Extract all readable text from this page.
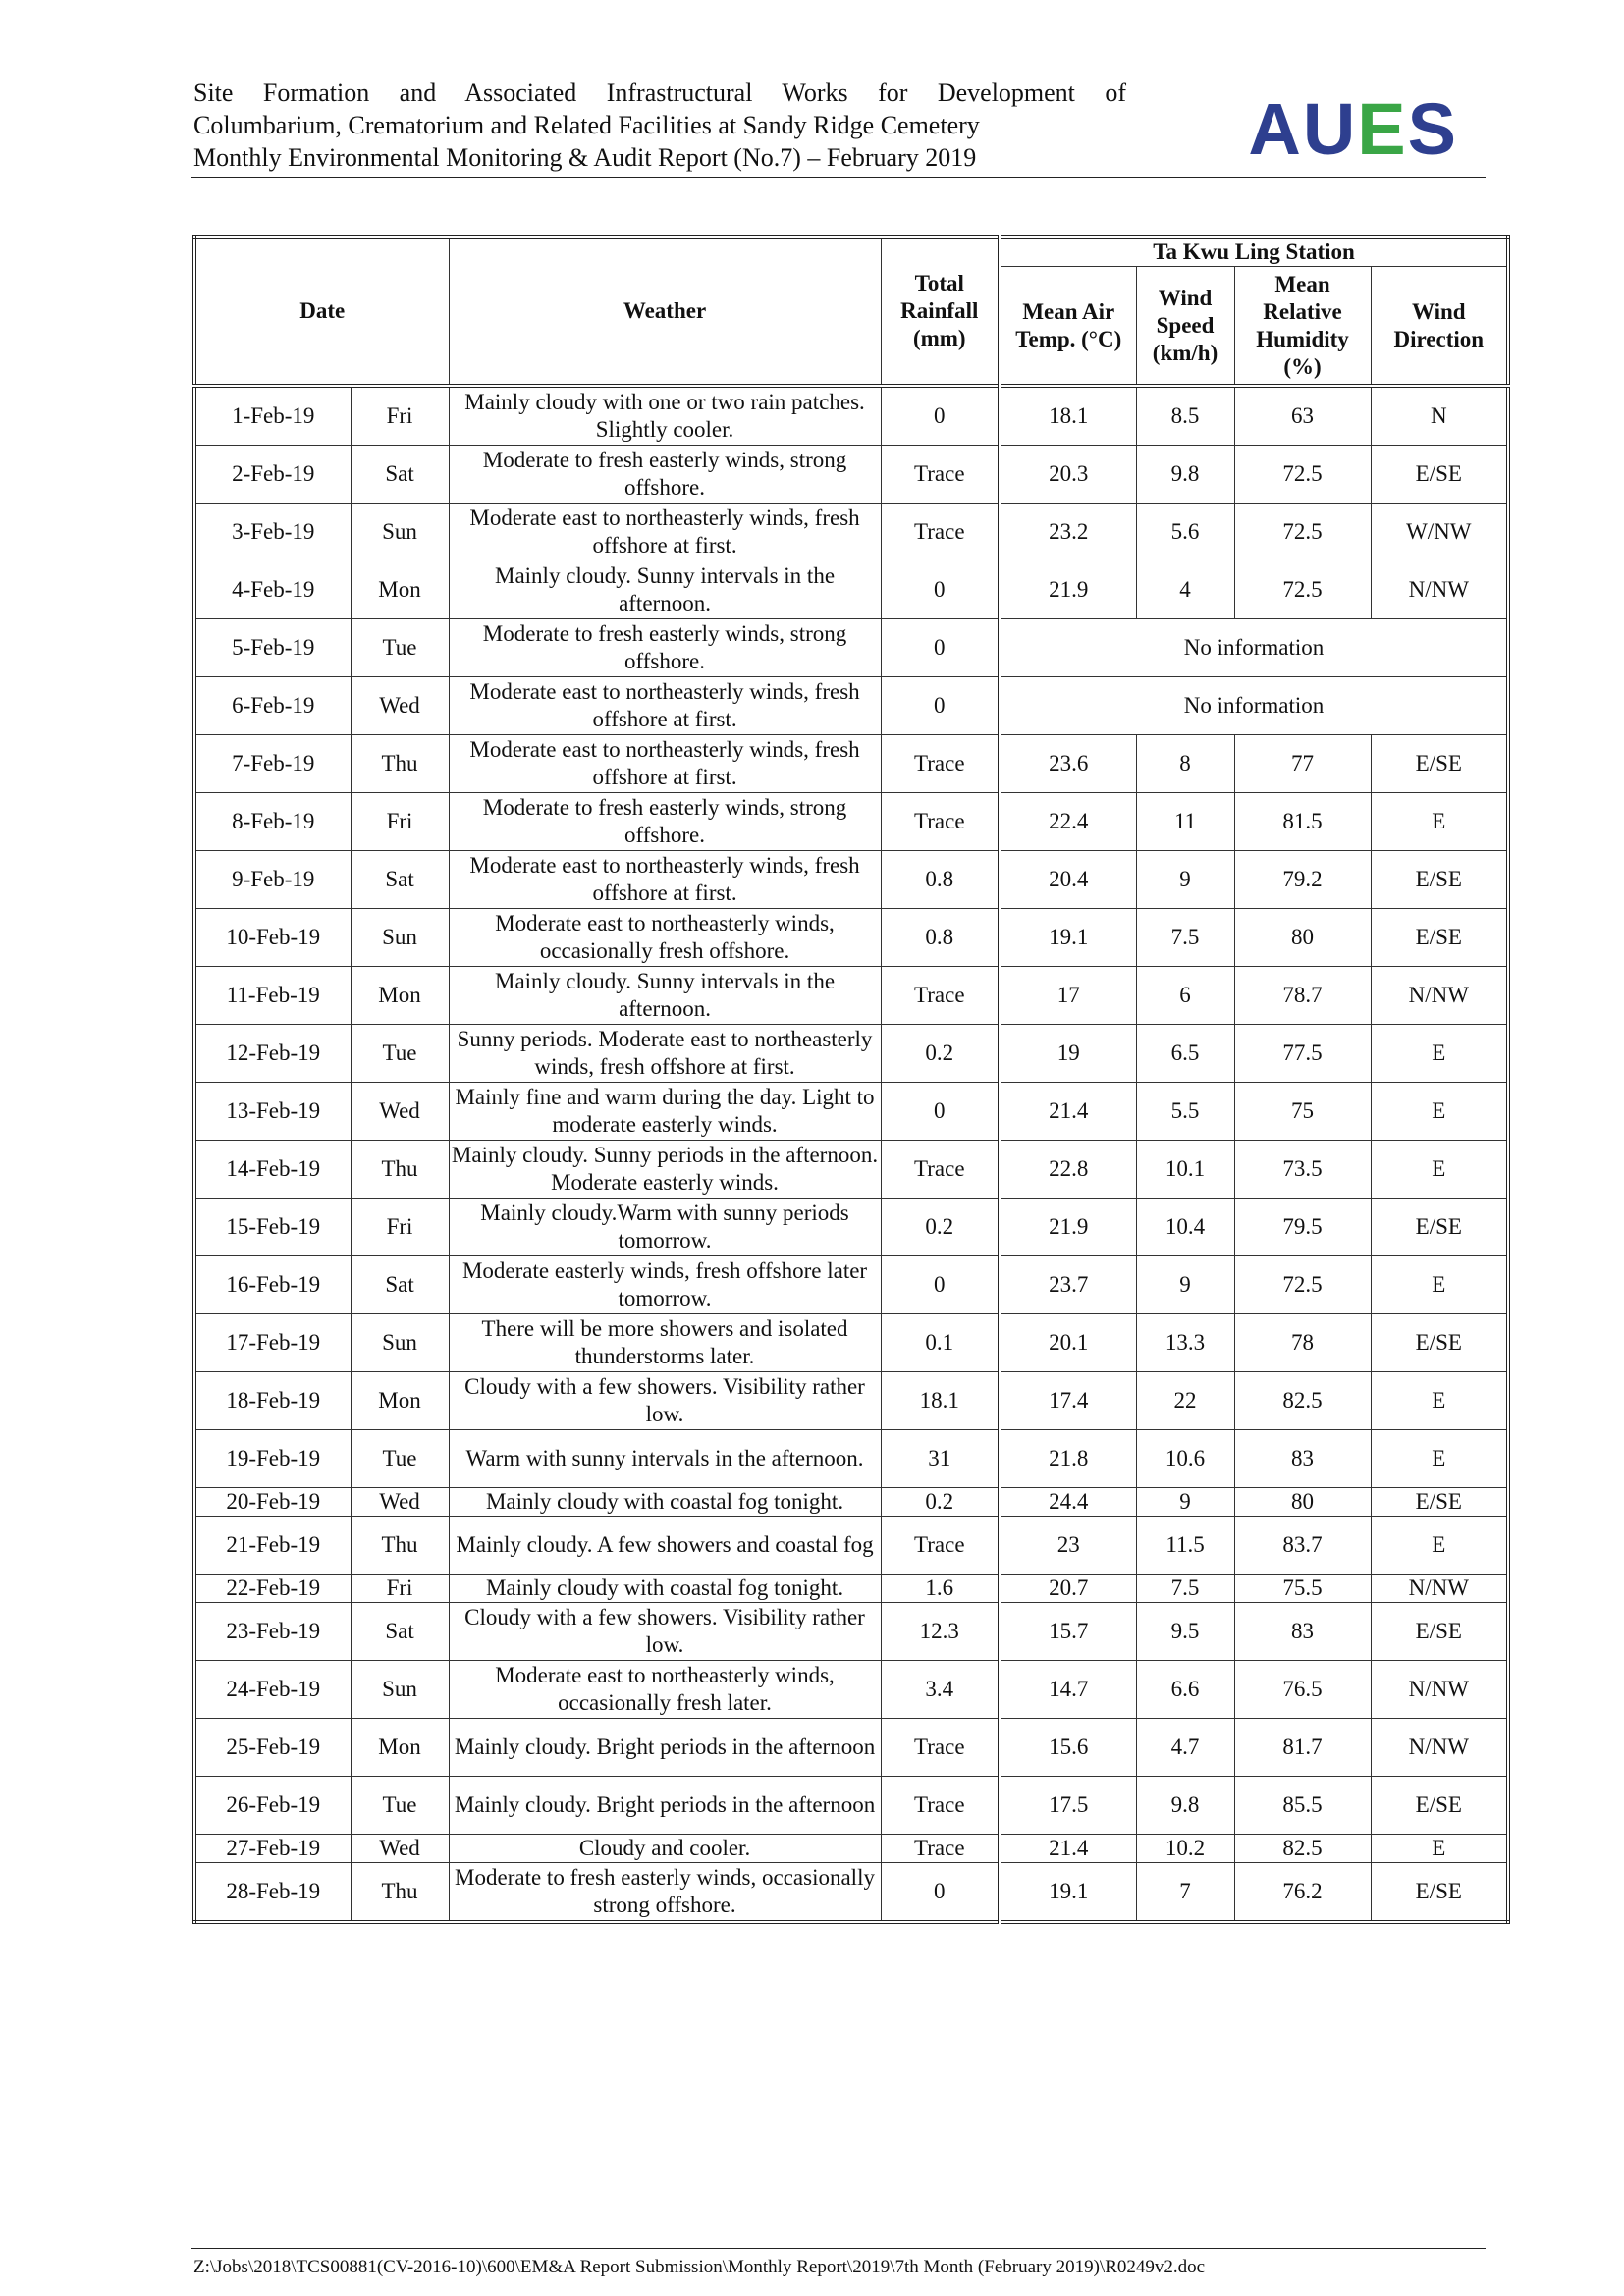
Site Formation and Associated Infrastructural Works for Development of
Columbarium, Crematorium and Related Facilities at Sandy Ridge Cemetery
Monthly Environmental Monitoring & Audit Report (No.7) – February 2019	AUES
Date		Weather	Total Rainfall (mm)	Ta Kwu Ling Station			
				Mean Air Temp. (°C)	Wind Speed (km/h)	Mean Relative Humidity (%)	Wind Direction
1-Feb-19	Fri	Mainly cloudy with one or two rain patches. Slightly cooler.	0	18.1	8.5	63	N
2-Feb-19	Sat	Moderate to fresh easterly winds, strong offshore.	Trace	20.3	9.8	72.5	E/SE
3-Feb-19	Sun	Moderate east to northeasterly winds, fresh offshore at first.	Trace	23.2	5.6	72.5	W/NW
4-Feb-19	Mon	Mainly cloudy. Sunny intervals in the afternoon.	0	21.9	4	72.5	N/NW
5-Feb-19	Tue	Moderate to fresh easterly winds, strong offshore.	0	No information			
6-Feb-19	Wed	Moderate east to northeasterly winds, fresh offshore at first.	0	No information			
7-Feb-19	Thu	Moderate east to northeasterly winds, fresh offshore at first.	Trace	23.6	8	77	E/SE
8-Feb-19	Fri	Moderate to fresh easterly winds, strong offshore.	Trace	22.4	11	81.5	E
9-Feb-19	Sat	Moderate east to northeasterly winds, fresh offshore at first.	0.8	20.4	9	79.2	E/SE
10-Feb-19	Sun	Moderate east to northeasterly winds, occasionally fresh offshore.	0.8	19.1	7.5	80	E/SE
11-Feb-19	Mon	Mainly cloudy. Sunny intervals in the afternoon.	Trace	17	6	78.7	N/NW
12-Feb-19	Tue	Sunny periods. Moderate east to northeasterly winds, fresh offshore at first.	0.2	19	6.5	77.5	E
13-Feb-19	Wed	Mainly fine and warm during the day. Light to moderate easterly winds.	0	21.4	5.5	75	E
14-Feb-19	Thu	Mainly cloudy. Sunny periods in the afternoon. Moderate easterly winds.	Trace	22.8	10.1	73.5	E
15-Feb-19	Fri	Mainly cloudy.Warm with sunny periods tomorrow.	0.2	21.9	10.4	79.5	E/SE
16-Feb-19	Sat	Moderate easterly winds, fresh offshore later tomorrow.	0	23.7	9	72.5	E
17-Feb-19	Sun	There will be more showers and isolated thunderstorms later.	0.1	20.1	13.3	78	E/SE
18-Feb-19	Mon	Cloudy with a few showers. Visibility rather low.	18.1	17.4	22	82.5	E
19-Feb-19	Tue	Warm with sunny intervals in the afternoon.	31	21.8	10.6	83	E
20-Feb-19	Wed	Mainly cloudy with coastal fog tonight.	0.2	24.4	9	80	E/SE
21-Feb-19	Thu	Mainly cloudy. A few showers and coastal fog	Trace	23	11.5	83.7	E
22-Feb-19	Fri	Mainly cloudy with coastal fog tonight.	1.6	20.7	7.5	75.5	N/NW
23-Feb-19	Sat	Cloudy with a few showers. Visibility rather low.	12.3	15.7	9.5	83	E/SE
24-Feb-19	Sun	Moderate east to northeasterly winds, occasionally fresh later.	3.4	14.7	6.6	76.5	N/NW
25-Feb-19	Mon	Mainly cloudy. Bright periods in the afternoon	Trace	15.6	4.7	81.7	N/NW
26-Feb-19	Tue	Mainly cloudy. Bright periods in the afternoon	Trace	17.5	9.8	85.5	E/SE
27-Feb-19	Wed	Cloudy and cooler.	Trace	21.4	10.2	82.5	E
28-Feb-19	Thu	Moderate to fresh easterly winds, occasionally strong offshore.	0	19.1	7	76.2	E/SE
Z:\Jobs\2018\TCS00881(CV-2016-10)\600\EM&A Report Submission\Monthly Report\2019\7th Month (February 2019)\R0249v2.doc
